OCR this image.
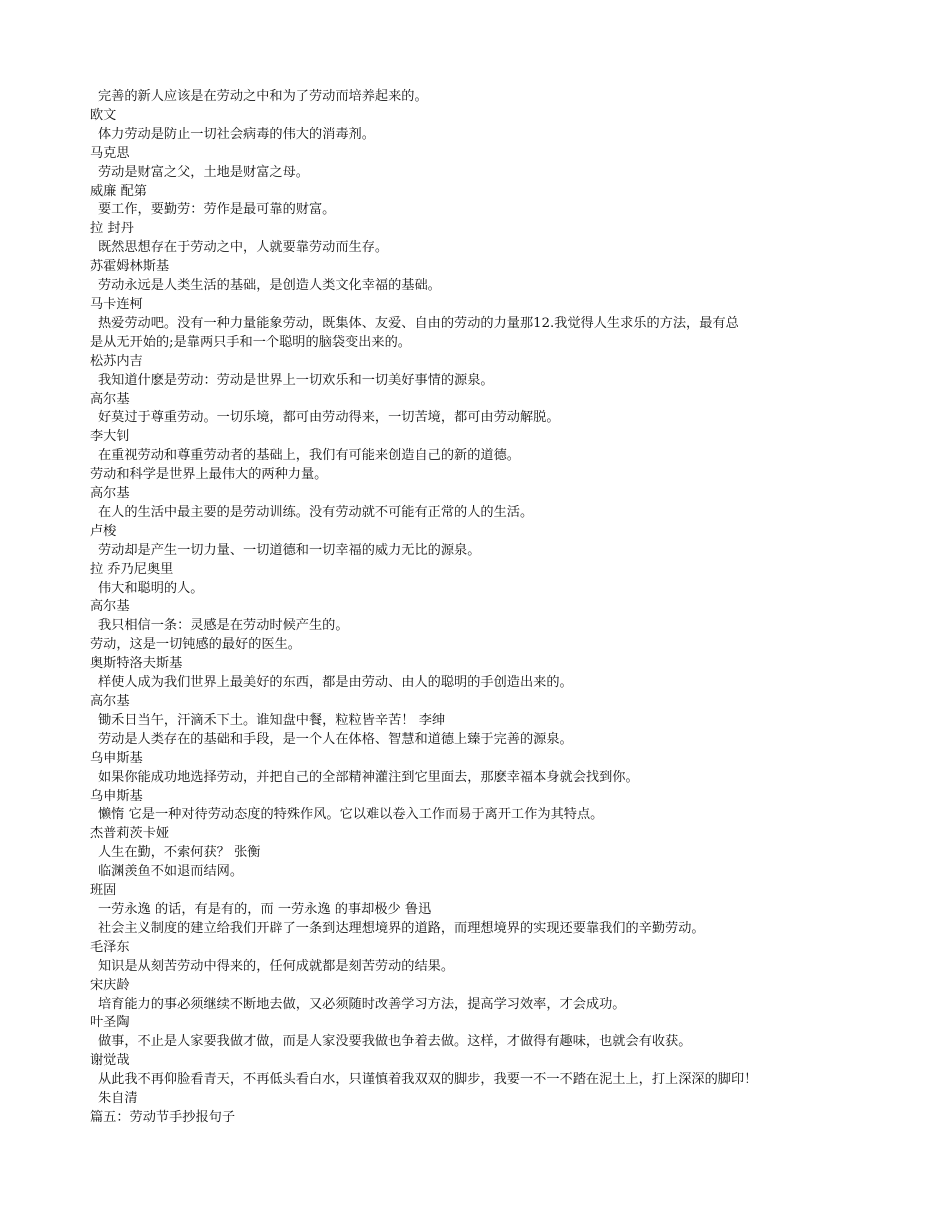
完善的新人应该是在劳动之中和为了劳动而培养起来的。
欧文
体力劳动是防止一切社会病毒的伟大的消毒剂。
马克思
劳动是财富之父，土地是财富之母。
威廉 配第
要工作，要勤劳：劳作是最可靠的财富。
拉 封丹
既然思想存在于劳动之中，人就要靠劳动而生存。
苏霍姆林斯基
劳动永远是人类生活的基础，是创造人类文化幸福的基础。
马卡连柯
热爱劳动吧。没有一种力量能象劳动，既集体、友爱、自由的劳动的力量那12.我觉得人生求乐的方法，最有总
是从无开始的;是靠两只手和一个聪明的脑袋变出来的。
松苏内吉
我知道什麽是劳动：劳动是世界上一切欢乐和一切美好事情的源泉。
高尔基
好莫过于尊重劳动。一切乐境，都可由劳动得来，一切苦境，都可由劳动解脱。
李大钊
在重视劳动和尊重劳动者的基础上，我们有可能来创造自己的新的道德。
劳动和科学是世界上最伟大的两种力量。
高尔基
在人的生活中最主要的是劳动训练。没有劳动就不可能有正常的人的生活。
卢梭
劳动却是产生一切力量、一切道德和一切幸福的威力无比的源泉。
拉 乔乃尼奥里
伟大和聪明的人。
高尔基
我只相信一条：灵感是在劳动时候产生的。
劳动，这是一切钝感的最好的医生。
奥斯特洛夫斯基
样使人成为我们世界上最美好的东西，都是由劳动、由人的聪明的手创造出来的。
高尔基
锄禾日当午，汗滴禾下土。谁知盘中餐，粒粒皆辛苦！ 李绅
劳动是人类存在的基础和手段，是一个人在体格、智慧和道德上臻于完善的源泉。
乌申斯基
如果你能成功地选择劳动，并把自己的全部精神灌注到它里面去，那麽幸福本身就会找到你。
乌申斯基
懒惰 它是一种对待劳动态度的特殊作风。它以难以卷入工作而易于离开工作为其特点。
杰普莉茨卡娅
人生在勤，不索何获？ 张衡
临渊羡鱼不如退而结网。
班固
一劳永逸 的话，有是有的，而 一劳永逸 的事却极少 鲁迅
社会主义制度的建立给我们开辟了一条到达理想境界的道路，而理想境界的实现还要靠我们的辛勤劳动。
毛泽东
知识是从刻苦劳动中得来的，任何成就都是刻苦劳动的结果。
宋庆龄
培育能力的事必须继续不断地去做，又必须随时改善学习方法，提高学习效率，才会成功。
叶圣陶
做事，不止是人家要我做才做，而是人家没要我做也争着去做。这样，才做得有趣味，也就会有收获。
谢觉哉
从此我不再仰脸看青天，不再低头看白水，只谨慎着我双双的脚步，我要一不一不踏在泥土上，打上深深的脚印！
朱自清
篇五：劳动节手抄报句子
